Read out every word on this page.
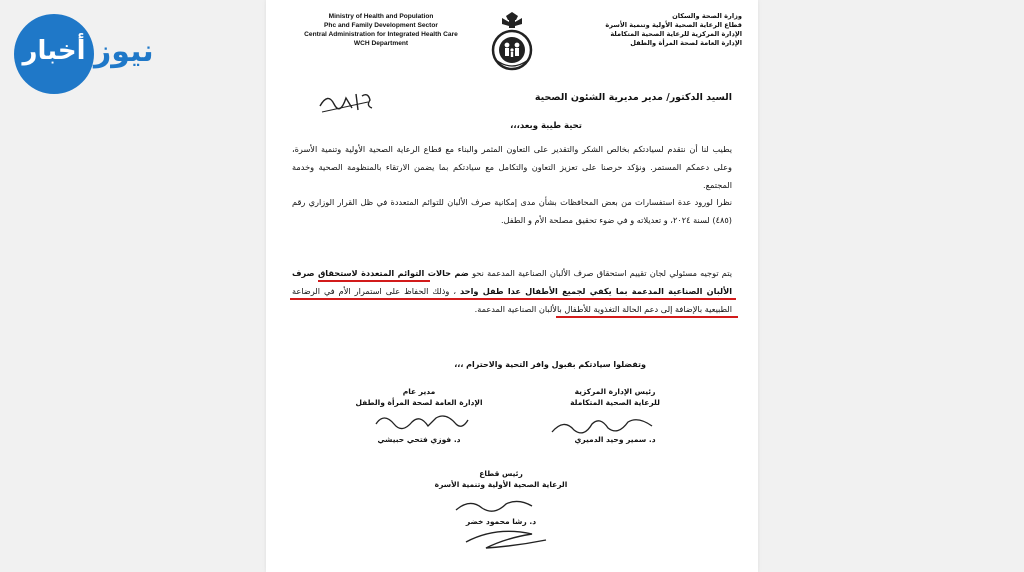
أخبار نيوز
Ministry of Health and Population
Phc and Family Development Sector
Central Administration for Integrated Health Care
WCH Department
وزارة الصحة والسكان
قطاع الرعاية الصحية الأولية وتنمية الأسرة
الإدارة المركزية للرعاية الصحية المتكاملة
الإدارة العامة لصحة المرأة والطفل
السيد الدكتور/ مدير مديرية الشئون الصحية
تحية طيبة وبعد،،،
يطيب لنا أن نتقدم لسيادتكم بخالص الشكر والتقدير على التعاون المثمر والبناء مع قطاع الرعاية الصحية الأولية وتنمية الأسرة، وعلى دعمكم المستمر. ونؤكد حرصنا على تعزيز التعاون والتكامل مع سيادتكم بما يضمن الارتقاء بالمنظومة الصحية وخدمة المجتمع.
نظرا لورود عدة استفسارات من بعض المحافظات بشأن مدى إمكانية صرف الألبان للتوائم المتعددة في ظل القرار الوزاري رقم (٤٨٥) لسنة ٢٠٢٤، و تعديلاته و في ضوء تحقيق مصلحة الأم و الطفل.
يتم توجيه مسئولي لجان تقييم استحقاق صرف الألبان الصناعية المدعمة نحو ضم حالات التوائم المتعددة لاستحقاق صرف الألبان الصناعية المدعمة بما يكفي لجميع الأطفال عدا طفل واحد ، وذلك الحفاظ على استمرار الأم في الرضاعة الطبيعية بالإضافة إلى دعم الحالة التغذوية للأطفال بالألبان الصناعية المدعمة.
وتفضلوا سيادتكم بقبول وافر التحية والاحترام ،،،
رئيس الإدارة المركزية
للرعاية الصحية المتكاملة
د. سمير وحيد الدميري
مدير عام
الإدارة العامة لصحة المرأة والطفل
د. فوزي فتحي حبيشي
رئيس قطاع
الرعاية الصحية الأولية وتنمية الأسرة
د. رشا محمود خضر
